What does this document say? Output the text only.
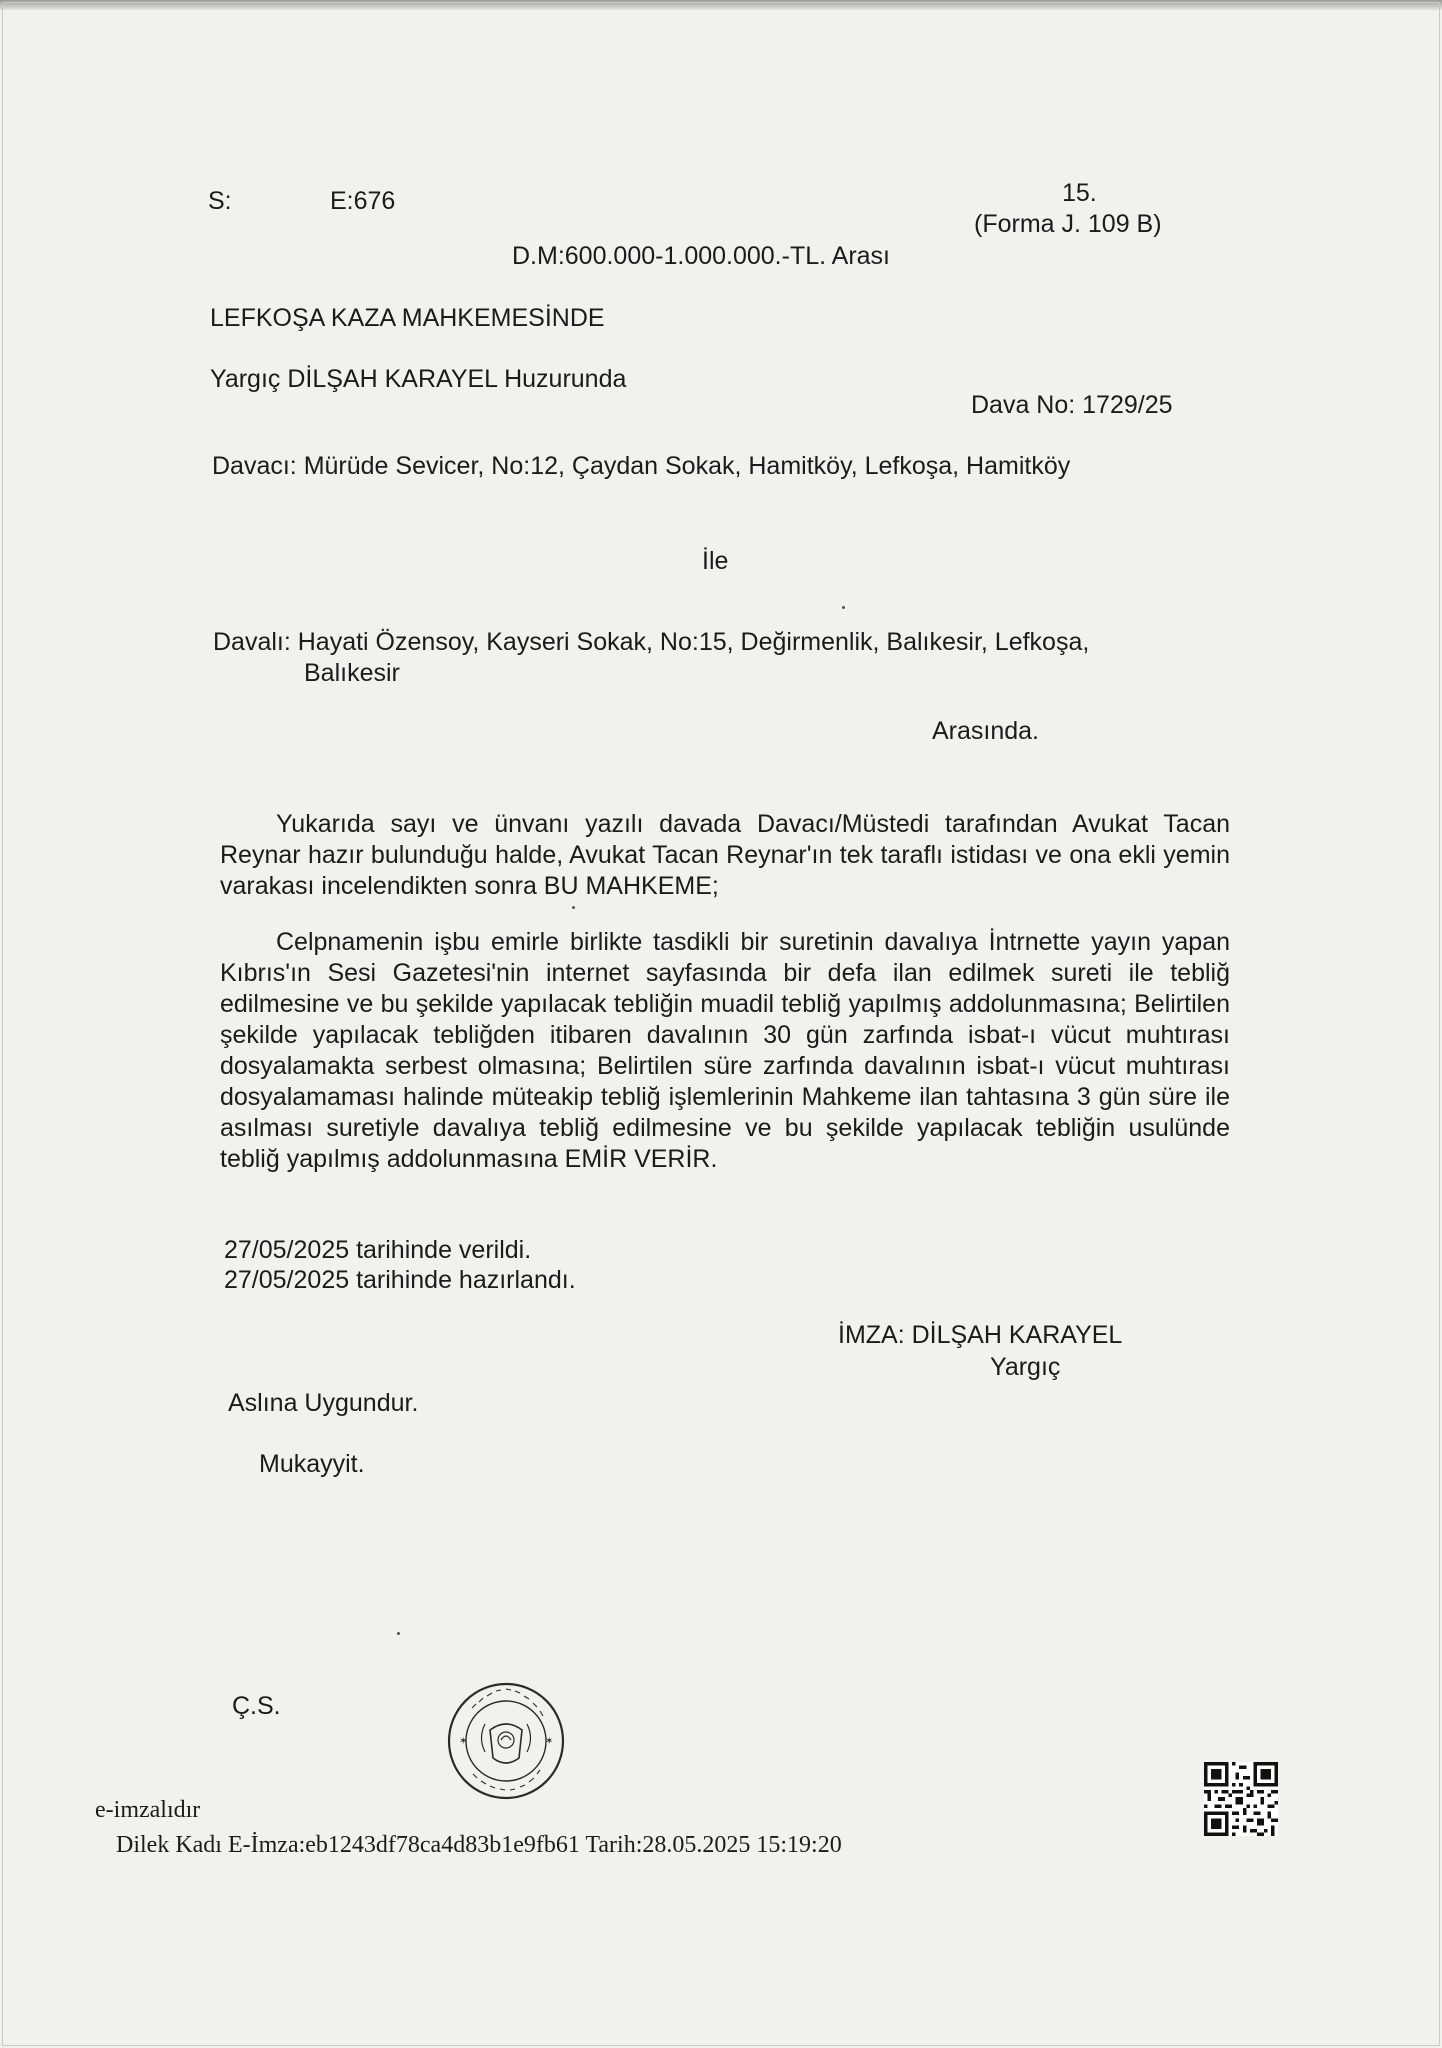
S:	E:676	15.
(Forma J. 109 B)
D.M:600.000-1.000.000.-TL. Arası
LEFKOŞA KAZA MAHKEMESİNDE
Yargıç DİLŞAH KARAYEL Huzurunda
Dava No: 1729/25
Davacı: Mürüde Sevicer, No:12, Çaydan Sokak, Hamitköy, Lefkoşa, Hamitköy
İle
Davalı: Hayati Özensoy, Kayseri Sokak, No:15, Değirmenlik, Balıkesir, Lefkoşa,
Balıkesir
Arasında.
Yukarıda sayı ve ünvanı yazılı davada Davacı/Müstedi tarafından Avukat Tacan Reynar hazır bulunduğu halde, Avukat Tacan Reynar'ın tek taraflı istidası ve ona ekli yemin varakası incelendikten sonra BU MAHKEME;
Celpnamenin işbu emirle birlikte tasdikli bir suretinin davalıya İntrnette yayın yapan Kıbrıs'ın Sesi Gazetesi'nin internet sayfasında bir defa ilan edilmek sureti ile tebliğ edilmesine ve bu şekilde yapılacak tebliğin muadil tebliğ yapılmış addolunmasına; Belirtilen şekilde yapılacak tebliğden itibaren davalının 30 gün zarfında isbat-ı vücut muhtırası dosyalamakta serbest olmasına; Belirtilen süre zarfında davalının isbat-ı vücut muhtırası dosyalamaması halinde müteakip tebliğ işlemlerinin Mahkeme ilan tahtasına 3 gün süre ile asılması suretiyle davalıya tebliğ edilmesine ve bu şekilde yapılacak tebliğin usulünde tebliğ yapılmış addolunmasına EMİR VERİR.
27/05/2025 tarihinde verildi.
27/05/2025 tarihinde hazırlandı.
İMZA: DİLŞAH KARAYEL
Yargıç
Aslına Uygundur.
Mukayyit.
Ç.S.
✶	✶
e-imzalıdır
Dilek Kadı E-İmza:eb1243df78ca4d83b1e9fb61 Tarih:28.05.2025 15:19:20
